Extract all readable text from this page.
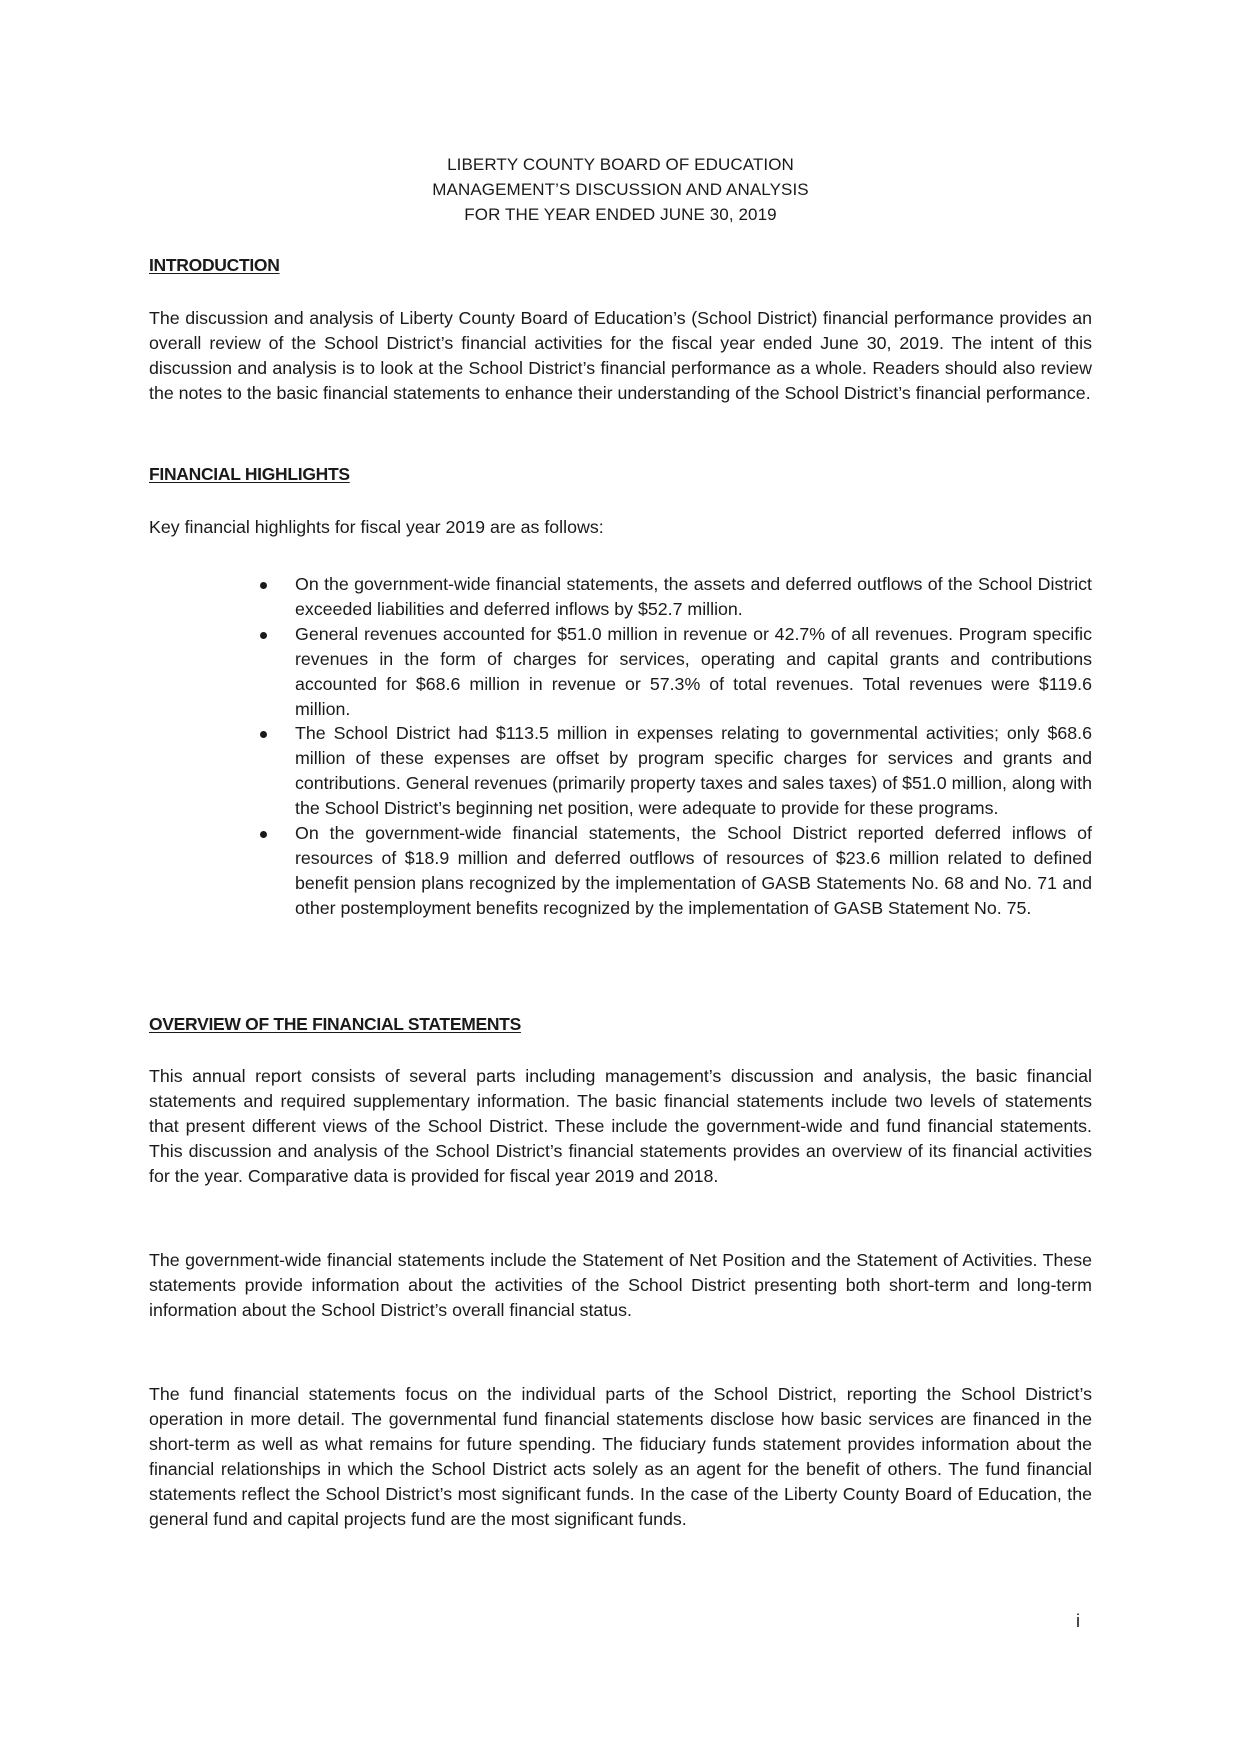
LIBERTY COUNTY BOARD OF EDUCATION
MANAGEMENT’S DISCUSSION AND ANALYSIS
FOR THE YEAR ENDED JUNE 30, 2019
INTRODUCTION

The discussion and analysis of Liberty County Board of Education’s (School District) financial performance provides an overall review of the School District’s financial activities for the fiscal year ended June 30, 2019. The intent of this discussion and analysis is to look at the School District’s financial performance as a whole. Readers should also review the notes to the basic financial statements to enhance their understanding of the School District’s financial performance.

FINANCIAL HIGHLIGHTS

Key financial highlights for fiscal year 2019 are as follows:

On the government-wide financial statements, the assets and deferred outflows of the School District exceeded liabilities and deferred inflows by $52.7 million.
General revenues accounted for $51.0 million in revenue or 42.7% of all revenues. Program specific revenues in the form of charges for services, operating and capital grants and contributions accounted for $68.6 million in revenue or 57.3% of total revenues. Total revenues were $119.6 million.
The School District had $113.5 million in expenses relating to governmental activities; only $68.6 million of these expenses are offset by program specific charges for services and grants and contributions. General revenues (primarily property taxes and sales taxes) of $51.0 million, along with the School District’s beginning net position, were adequate to provide for these programs.
On the government-wide financial statements, the School District reported deferred inflows of resources of $18.9 million and deferred outflows of resources of $23.6 million related to defined benefit pension plans recognized by the implementation of GASB Statements No. 68 and No. 71 and other postemployment benefits recognized by the implementation of GASB Statement No. 75.
OVERVIEW OF THE FINANCIAL STATEMENTS

This annual report consists of several parts including management’s discussion and analysis, the basic financial statements and required supplementary information. The basic financial statements include two levels of statements that present different views of the School District. These include the government-wide and fund financial statements. This discussion and analysis of the School District’s financial statements provides an overview of its financial activities for the year. Comparative data is provided for fiscal year 2019 and 2018.

The government-wide financial statements include the Statement of Net Position and the Statement of Activities. These statements provide information about the activities of the School District presenting both short-term and long-term information about the School District’s overall financial status.

The fund financial statements focus on the individual parts of the School District, reporting the School District’s operation in more detail. The governmental fund financial statements disclose how basic services are financed in the short-term as well as what remains for future spending. The fiduciary funds statement provides information about the financial relationships in which the School District acts solely as an agent for the benefit of others. The fund financial statements reflect the School District’s most significant funds. In the case of the Liberty County Board of Education, the general fund and capital projects fund are the most significant funds.

i
